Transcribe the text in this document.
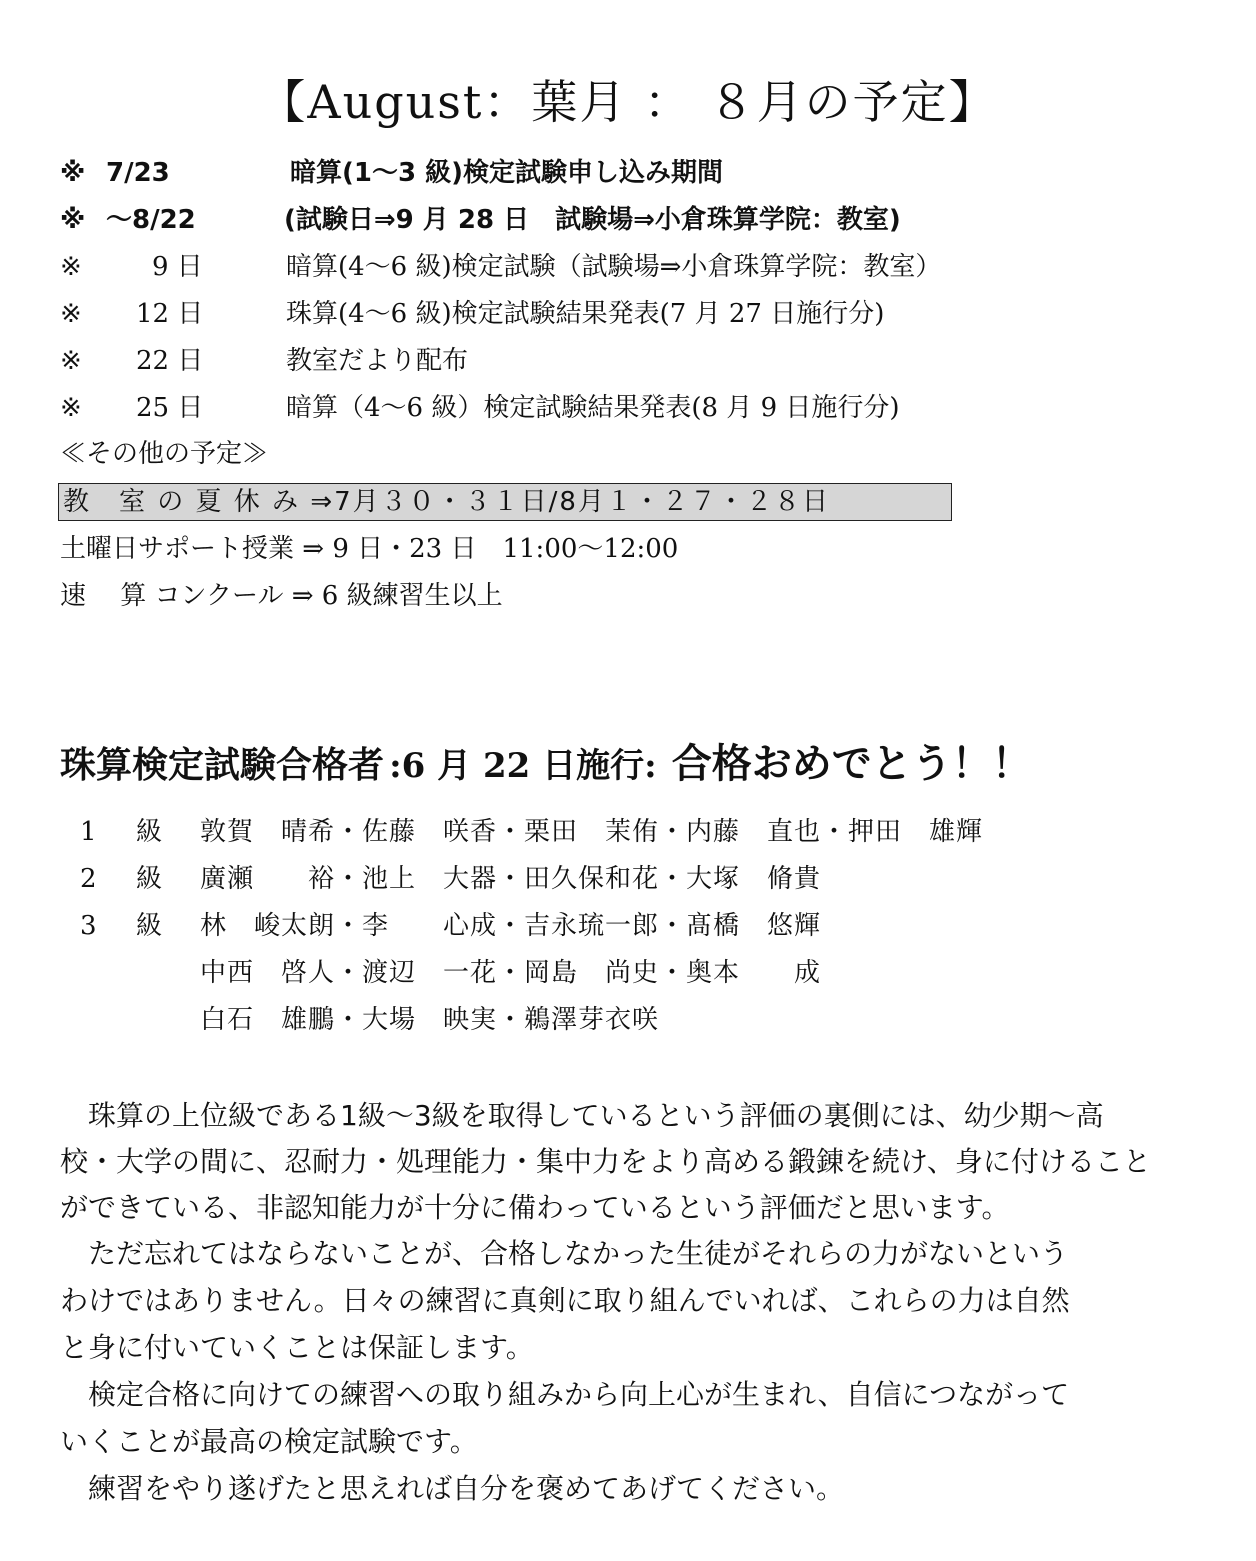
【August：葉月 ： ８月の予定】
※ 7/23	暗算(1～3 級)検定試験申し込み期間
※ ～8/22	(試験日⇒9 月 28 日　試験場⇒小倉珠算学院：教室)
※	9 日	暗算(4～6 級)検定試験（試験場⇒小倉珠算学院：教室）
※ 12 日	珠算(4～6 級)検定試験結果発表(7 月 27 日施行分)
※ 22 日	教室だより配布
※ 25 日	暗算（4～6 級）検定試験結果発表(8 月 9 日施行分)
≪その他の予定≫
教　室 の 夏 休 み ⇒7月３０・３１日/8月１・２７・２８日
土曜日サポート授業 ⇒ 9 日・23 日　11:00～12:00
速　 算 コンクール ⇒ 6 級練習生以上
珠算検定試験合格者 :6 月 22 日施行: 合格おめでとう！！
1 級 敦賀　晴希・佐藤　咲香・栗田　茉侑・内藤　直也・押田　雄輝
2 級 廣瀬　　裕・池上　大器・田久保和花・大塚　脩貴
3 級 林　峻太朗・李　　心成・吉永琉一郎・髙橋　悠輝
中西　啓人・渡辺　一花・岡島　尚史・奥本　　成
白石　雄鵬・大場　映実・鵜澤芽衣咲
　珠算の上位級である1級～3級を取得しているという評価の裏側には、幼少期～高
校・大学の間に、忍耐力・処理能力・集中力をより高める鍛錬を続け、身に付けること
ができている、非認知能力が十分に備わっているという評価だと思います。
　ただ忘れてはならないことが、合格しなかった生徒がそれらの力がないという
わけではありません。日々の練習に真剣に取り組んでいれば、これらの力は自然
と身に付いていくことは保証します。
　検定合格に向けての練習への取り組みから向上心が生まれ、自信につながって
いくことが最高の検定試験です。
　練習をやり遂げたと思えれば自分を褒めてあげてください。
